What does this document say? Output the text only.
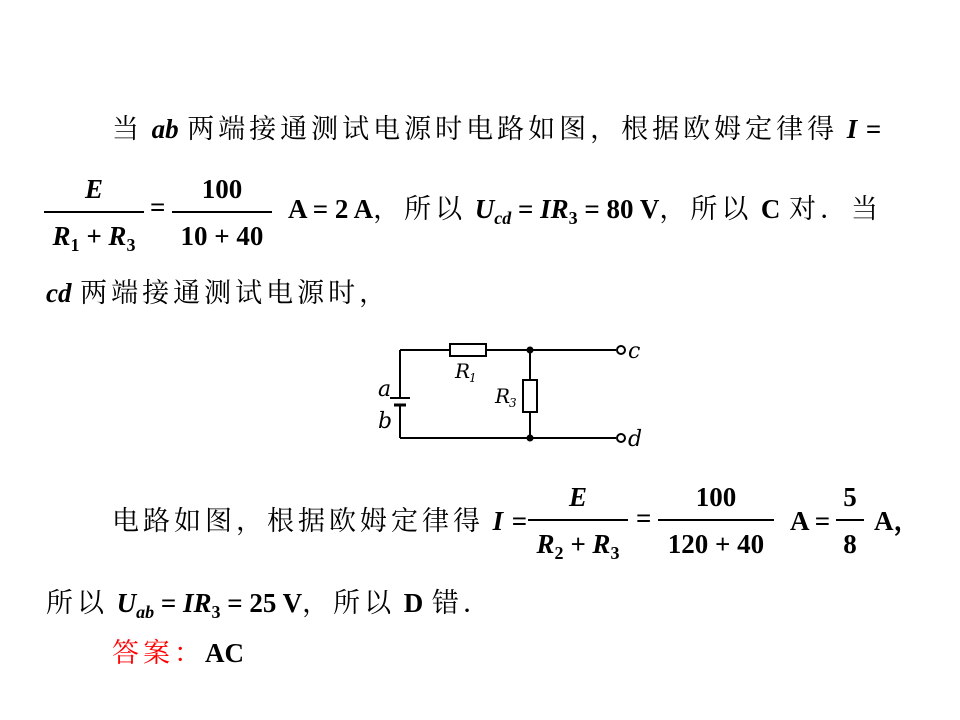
当 ab 两端接通测试电源时电路如图，根据欧姆定律得 I =
E
$R_1 + R_3$
=
100
10 + 40
A = 2 A，所以 $U_{cd} = IR_3 = 80$ V，所以 C 对．当
cd 两端接通测试电源时，
a
b
c
d
R
1
R
3
电路如图，根据欧姆定律得 I =
E
$R_2 + R_3$
=
100
120 + 40
A =
5
8
A，
所以 $U_{ab} = IR_3 = 25$ V，所以 D 错．
答案：AC
